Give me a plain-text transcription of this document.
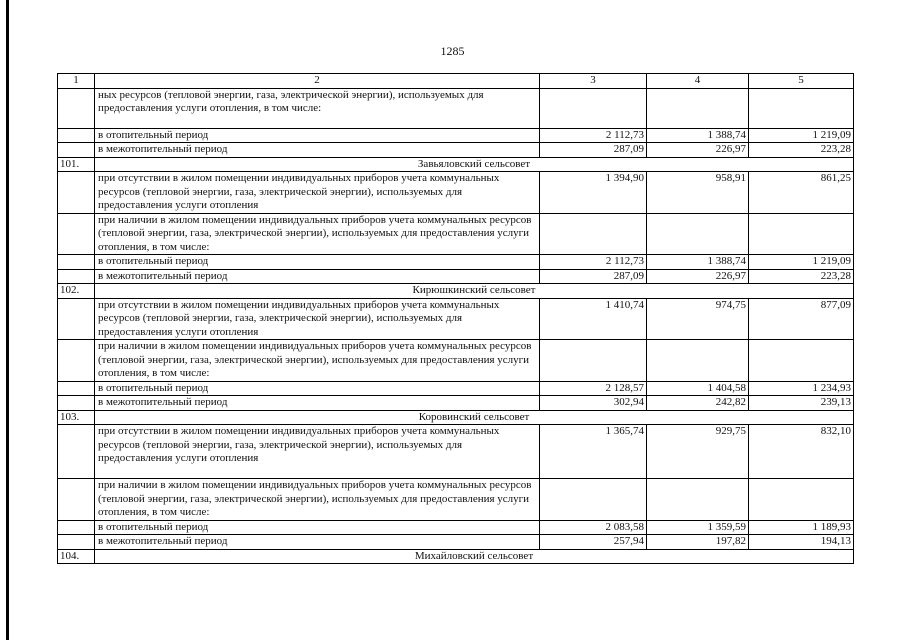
1285
1	2	3	4	5
	ных ресурсов (тепловой энергии, газа, электрической энергии), используемых для предоставления услуги отопления, в том числе:			
	в отопительный период	2 112,73	1 388,74	1 219,09
	в межотопительный период	287,09	226,97	223,28
101.	Завьяловский сельсовет			
	при отсутствии в жилом помещении индивидуальных приборов учета коммунальных ресурсов (тепловой энергии, газа, электрической энергии), используемых для предоставления услуги отопления	1 394,90	958,91	861,25
	при наличии в жилом помещении индивидуальных приборов учета коммунальных ресурсов (тепловой энергии, газа, электрической энергии), используемых для предоставления услуги отопления, в том числе:			
	в отопительный период	2 112,73	1 388,74	1 219,09
	в межотопительный период	287,09	226,97	223,28
102.	Кирюшкинский сельсовет			
	при отсутствии в жилом помещении индивидуальных приборов учета коммунальных ресурсов (тепловой энергии, газа, электрической энергии), используемых для предоставления услуги отопления	1 410,74	974,75	877,09
	при наличии в жилом помещении индивидуальных приборов учета коммунальных ресурсов (тепловой энергии, газа, электрической энергии), используемых для предоставления услуги отопления, в том числе:			
	в отопительный период	2 128,57	1 404,58	1 234,93
	в межотопительный период	302,94	242,82	239,13
103.	Коровинский сельсовет			
	при отсутствии в жилом помещении индивидуальных приборов учета коммунальных ресурсов (тепловой энергии, газа, электрической энергии), используемых для предоставления услуги отопления	1 365,74	929,75	832,10
	при наличии в жилом помещении индивидуальных приборов учета коммунальных ресурсов (тепловой энергии, газа, электрической энергии), используемых для предоставления услуги отопления, в том числе:			
	в отопительный период	2 083,58	1 359,59	1 189,93
	в межотопительный период	257,94	197,82	194,13
104.	Михайловский сельсовет			
